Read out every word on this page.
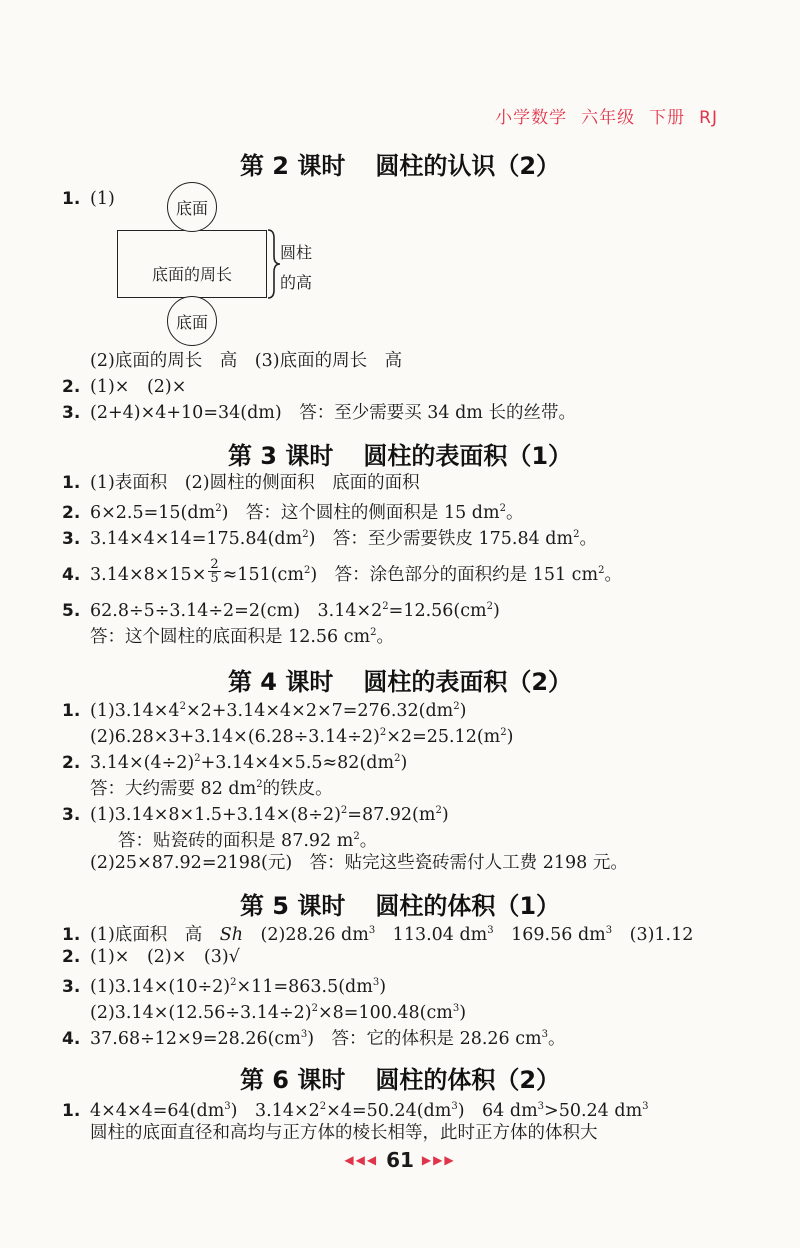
小学数学 六年级 下册 RJ
第 2 课时 圆柱的认识（2）
1. (1)
底面的周长
底面
底面
圆柱
的高
(2)底面的周长　高　(3)底面的周长　高
2. (1)×　(2)×
3. (2+4)×4+10=34(dm)　答：至少需要买 34 dm 长的丝带。
第 3 课时 圆柱的表面积（1）
1. (1)表面积　(2)圆柱的侧面积　底面的面积
2. $6\times 2.5=15(dm^2)$　答：这个圆柱的侧面积是 15 $dm^2$。
3. $3.14\times 4\times 14=175.84(dm^2)$　答：至少需要铁皮 175.84 $dm^2$。
4. $3.14\times 8\times 15\times \frac{2}{5} \approx 151(cm^2)$　答：涂色部分的面积约是 151 $cm^2$。
5. 62.8÷5÷3.14÷2=2(cm)　$3.14\times 2^2=12.56(cm^2)$
答：这个圆柱的底面积是 12.56 $cm^2$。
第 4 课时 圆柱的表面积（2）
1. $(1)3.14\times 4^2\times 2+3.14\times 4\times 2\times 7=276.32(dm^2)$
$(2)6.28\times 3+3.14\times(6.28\div 3.14\div 2)^2\times 2=25.12(m^2)$
2. $3.14\times(4\div 2)^2+3.14\times 4\times 5.5\approx 82(dm^2)$
答：大约需要 82 $dm^2$的铁皮。
3. $(1)3.14\times 8\times 1.5+3.14\times(8\div 2)^2=87.92(m^2)$
答：贴瓷砖的面积是 87.92 $m^2$。
(2)25×87.92=2198(元)　答：贴完这些瓷砖需付人工费 2198 元。
第 5 课时 圆柱的体积（1）
1. (1)底面积　高　Sh　(2)28.26 $dm^3$　113.04 $dm^3$　169.56 $dm^3$　(3)1.12
2. (1)×　(2)×　(3)√
3. $(1)3.14\times(10\div 2)^2\times 11=863.5(dm^3)$
$(2)3.14\times(12.56\div 3.14\div 2)^2\times 8=100.48(cm^3)$
4. $37.68\div 12\times 9=28.26(cm^3)$　答：它的体积是 28.26 $cm^3$。
第 6 课时 圆柱的体积（2）
1. $4\times 4\times 4=64(dm^3)$　$3.14\times 2^2\times 4=50.24(dm^3)$　64 $dm^3>50.24$ $dm^3$
圆柱的底面直径和高均与正方体的棱长相等，此时正方体的体积大
◀◀◀ 61 ▶▶▶
